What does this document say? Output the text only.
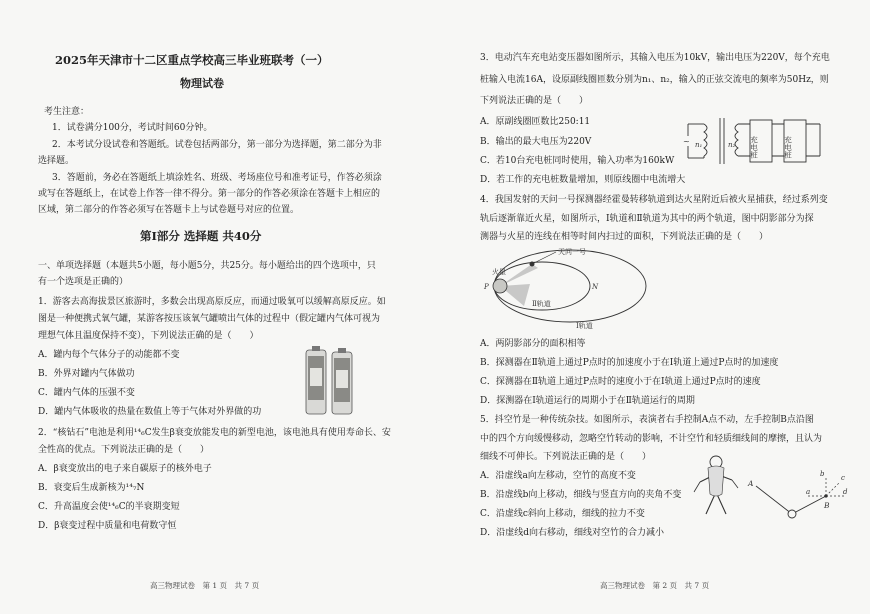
2025年天津市十二区重点学校高三毕业班联考（一）
物理试卷
考生注意：
1．试卷满分100分，考试时间60分钟。
2．本考试分设试卷和答题纸。试卷包括两部分，第一部分为选择题，第二部分为非
选择题。
3．答题前，务必在答题纸上填涂姓名、班级、考场座位号和准考证号，作答必须涂
或写在答题纸上，在试卷上作答一律不得分。第一部分的作答必须涂在答题卡上相应的
区域，第二部分的作答必须写在答题卡上与试卷题号对应的位置。
第Ⅰ部分 选择题 共40分
一、单项选择题（本题共5小题，每小题5分，共25分。每小题给出的四个选项中，只
有一个选项是正确的）
1．游客去高海拔景区旅游时，多数会出现高原反应，而通过吸氧可以缓解高原反应。如
图是一种便携式氧气罐，某游客按压该氧气罐喷出气体的过程中（假定罐内气体可视为
理想气体且温度保持不变），下列说法正确的是（　　）
A．罐内每个气体分子的动能都不变
B．外界对罐内气体做功
C．罐内气体的压强不变
D．罐内气体吸收的热量在数值上等于气体对外界做的功
2．“核钻石”电池是利用¹⁴₆C发生β衰变放能发电的新型电池，该电池具有使用寿命长、安
全性高的优点。下列说法正确的是（　　）
A．β衰变放出的电子来自碳原子的核外电子
B．衰变后生成新核为¹⁴₇N
C．升高温度会使¹⁴₆C的半衰期变短
D．β衰变过程中质量和电荷数守恒
高三物理试卷　第 1 页　共 7 页
3．电动汽车充电站变压器如图所示，其输入电压为10kV，输出电压为220V，每个充电
桩输入电流16A，设原副线圈匝数分别为n₁、n₂，输入的正弦交流电的频率为50Hz，则
下列说法正确的是（　　）
A．原副线圈匝数比250:11
B．输出的最大电压为220V
C．若10台充电桩同时使用，输入功率为160kW
D．若工作的充电桩数量增加，则原线圈中电流增大
~ n₁	n₂ 充电桩	充电桩
4．我国发射的天问一号探测器经霍曼转移轨道到达火星附近后被火星捕获，经过系列变
轨后逐渐靠近火星，如图所示，Ⅰ轨道和Ⅱ轨道为其中的两个轨道，图中阴影部分为探
测器与火星的连线在相等时间内扫过的面积，下列说法正确的是（　　）
天问一号
火星
P	N
Ⅱ轨道
Ⅰ轨道
A．两阴影部分的面积相等
B．探测器在Ⅱ轨道上通过P点时的加速度小于在Ⅰ轨道上通过P点时的加速度
C．探测器在Ⅱ轨道上通过P点时的速度小于在Ⅰ轨道上通过P点时的速度
D．探测器在Ⅰ轨道运行的周期小于在Ⅱ轨道运行的周期
5．抖空竹是一种传统杂技。如图所示，表演者右手控制A点不动，左手控制B点沿图
中的四个方向缓慢移动，忽略空竹转动的影响，不计空竹和轻质细线间的摩擦，且认为
细线不可伸长。下列说法正确的是（　　）
A．沿虚线a向左移动，空竹的高度不变
B．沿虚线b向上移动，细线与竖直方向的夹角不变
C．沿虚线c斜向上移动，细线的拉力不变
D．沿虚线d向右移动，细线对空竹的合力减小
A
B
a
b c
d
高三物理试卷　第 2 页　共 7 页
